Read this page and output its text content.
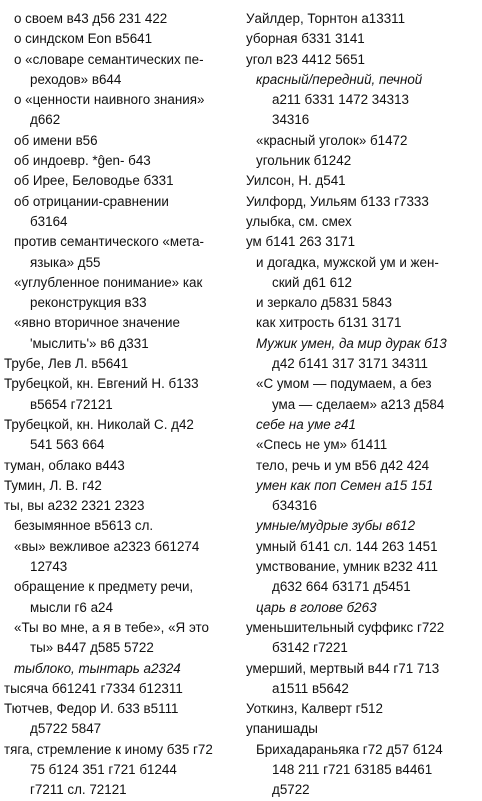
о своем в43 д56 231 422
о синдском Eon в5641
о «словаре семантических пе-
реходов» в644
о «ценности наивного знания»
д662
об имени в56
об индоевр. *ĝen- б43
об Ирее, Беловодье б331
об отрицании-сравнении
б3164
против семантического «мета-
языка» д55
«углубленное понимание» как
реконструкция в33
«явно вторичное значение
'мыслить'» в6 д331
Трубе, Лев Л. в5641
Трубецкой, кн. Евгений Н. б133
в5654 г72121
Трубецкой, кн. Николай С. д42
541 563 664
туман, облако в443
Тумин, Л. В. г42
ты, вы а232 2321 2323
безымянное в5613 сл.
«вы» вежливое а2323 б61274
12743
обращение к предмету речи,
мысли г6 а24
«Ты во мне, а я в тебе», «Я это
ты» в447 д585 5722
тыблоко, тынтарь а2324
тысяча б61241 г7334 б12311
Тютчев, Федор И. б33 в5111
д5722 5847
тяга, стремление к иному б35 г72
75 б124 351 г721 б1244
г7211 сл. 72121
Уайлдер, Торнтон а13311
уборная б331 3141
угол в23 4412 5651
красный/передний, печной
а211 б331 1472 34313
34316
«красный уголок» б1472
угольник б1242
Уилсон, Н. д541
Уилфорд, Уильям б133 г7333
улыбка, см. смех
ум б141 263 3171
и догадка, мужской ум и жен-
ский д61 612
и зеркало д5831 5843
как хитрость б131 3171
Мужик умен, да мир дурак б13
д42 б141 317 3171 34311
«С умом — подумаем, а без
ума — сделаем» а213 д584
себе на уме г41
«Спесь не ум» б1411
тело, речь и ум в56 д42 424
умен как поп Семен а15 151
б34316
умные/мудрые зубы в612
умный б141 сл. 144 263 1451
умствование, умник в232 411
д632 664 б3171 д5451
царь в голове б263
уменьшительный суффикс г722
б3142 г7221
умерший, мертвый в44 г71 713
а1511 в5642
Уоткинз, Калверт г512
упанишады
Брихадараньяка г72 д57 б124
148 211 г721 б3185 в4461
д5722
